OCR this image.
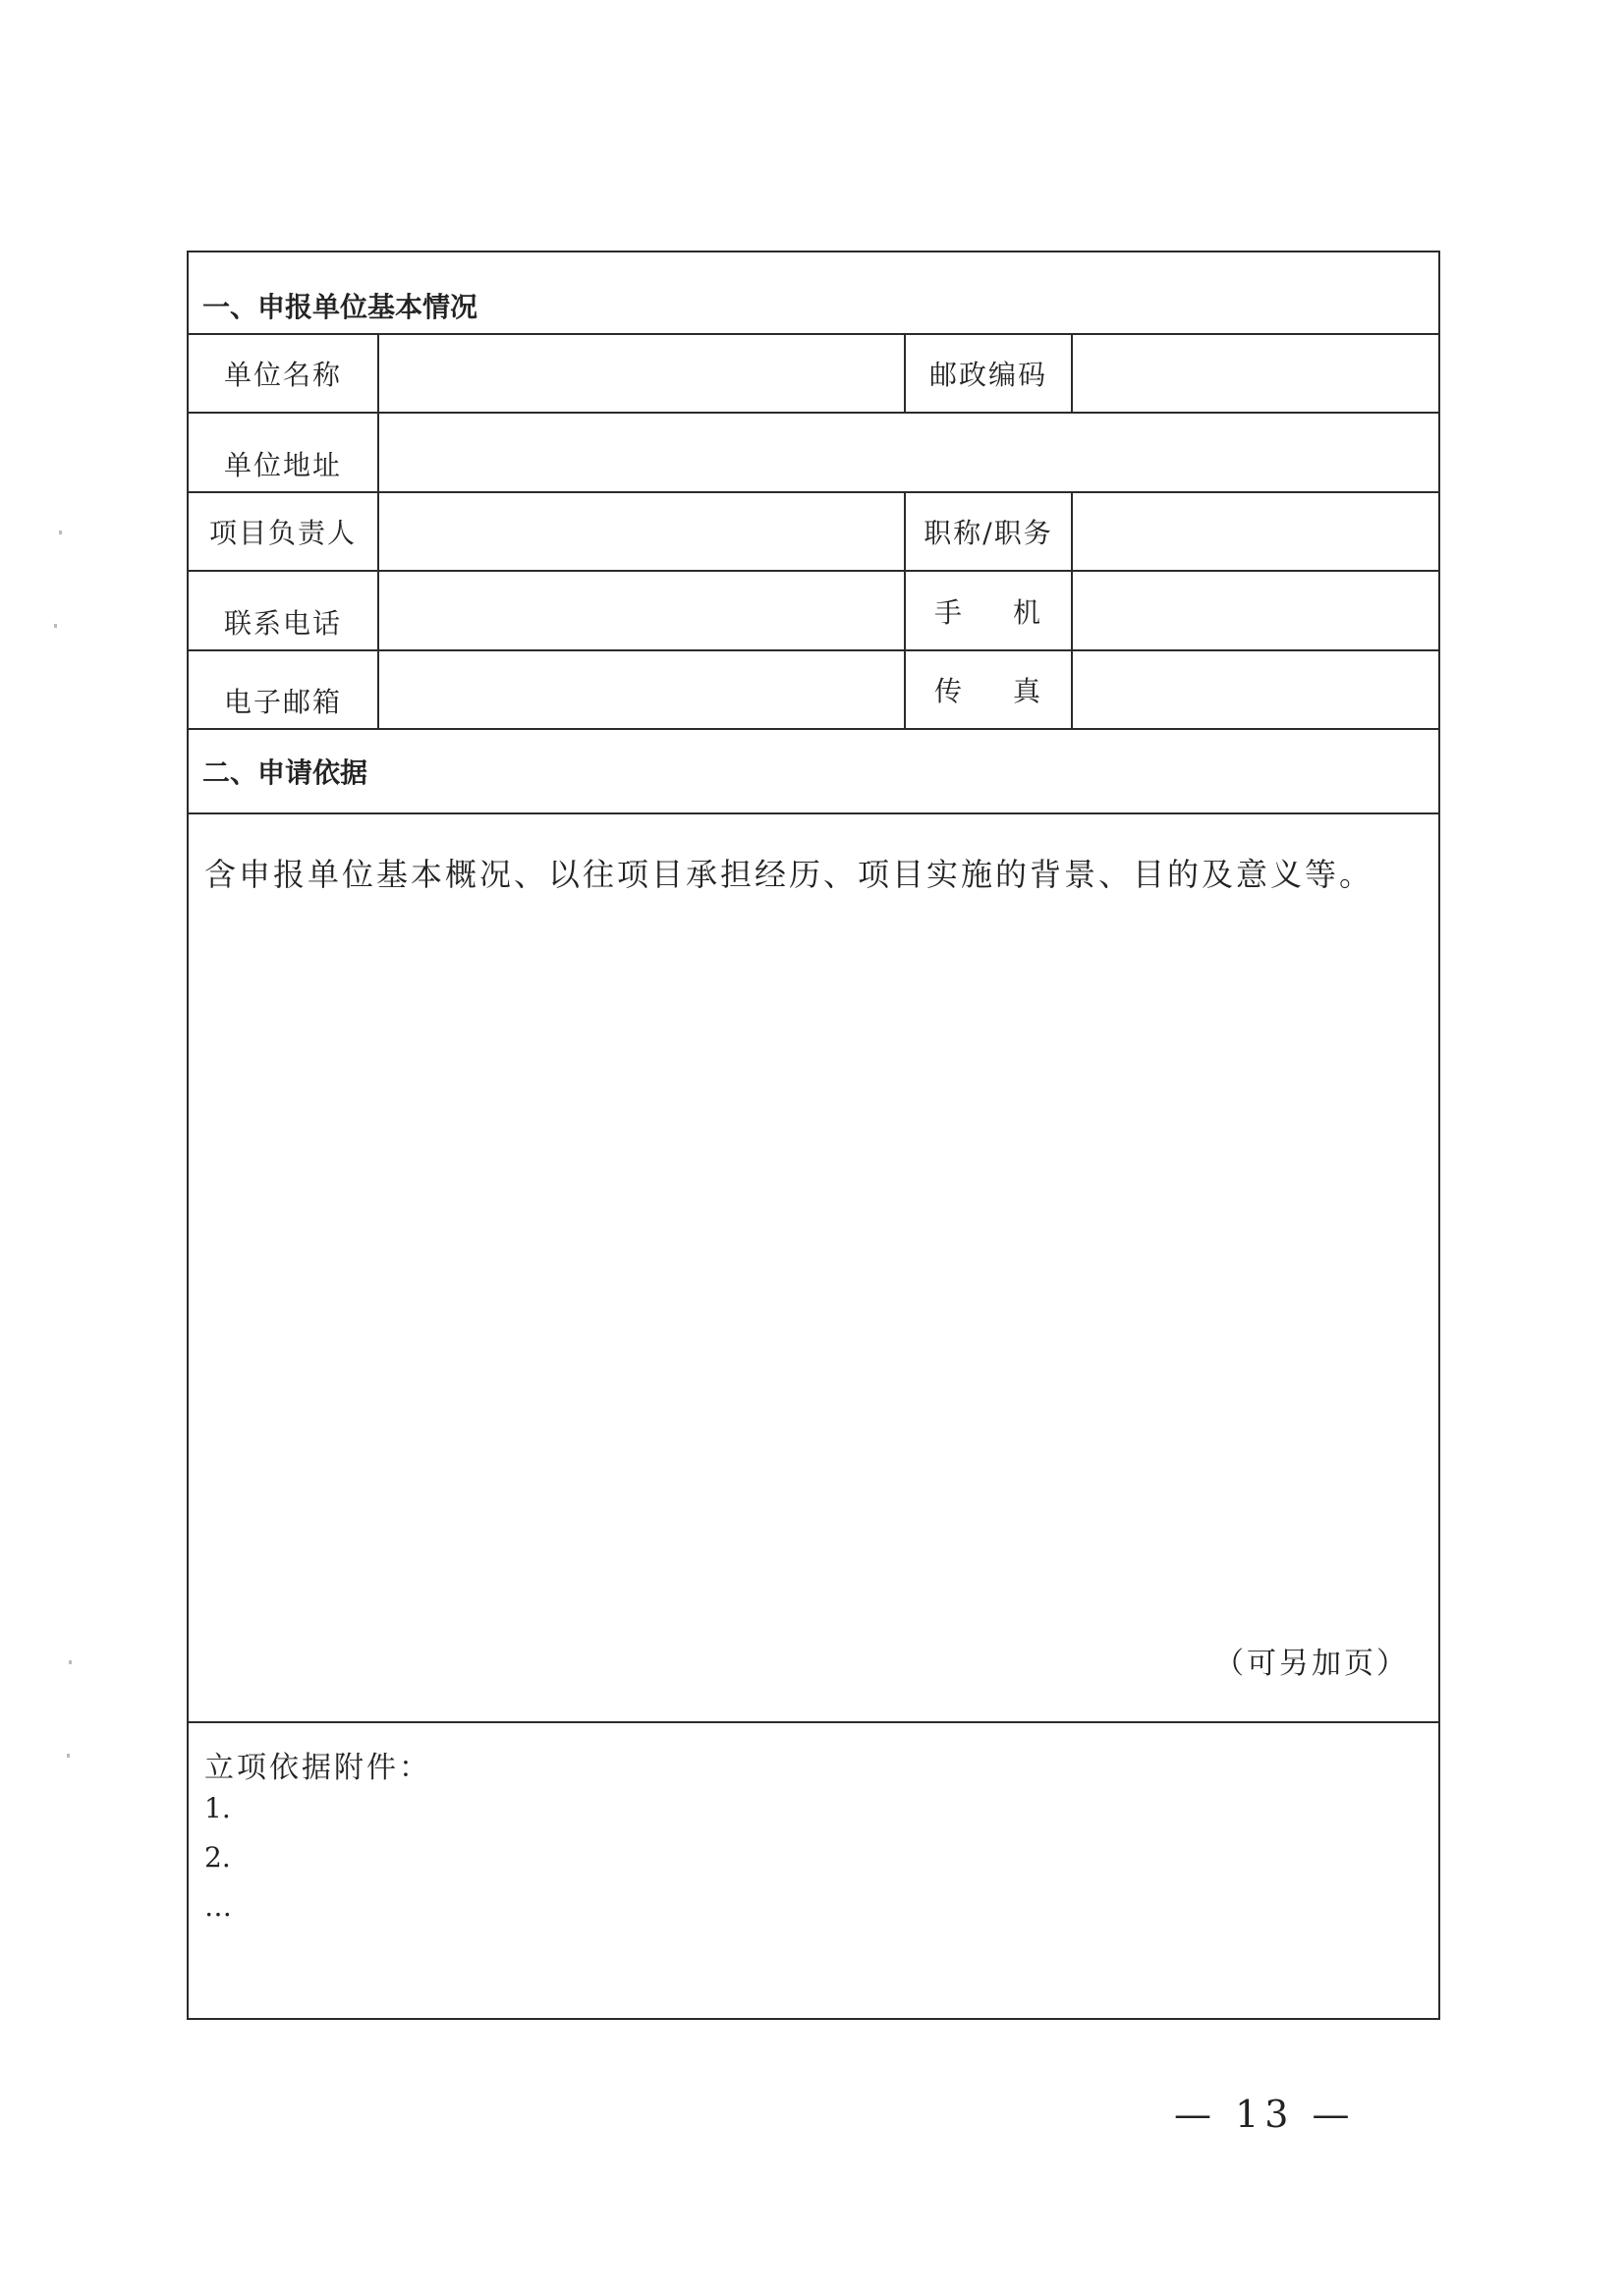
一、申报单位基本情况			
单位名称		邮政编码	
单位地址			
项目负责人		职称/职务	
联系电话		手机	
电子邮箱		传真	
二、申请依据			

含申报单位基本概况、以往项目承担经历、项目实施的背景、目的及意义等。
（可另加页）			

立项依据附件：
1.
2.
…			
— 13 —
